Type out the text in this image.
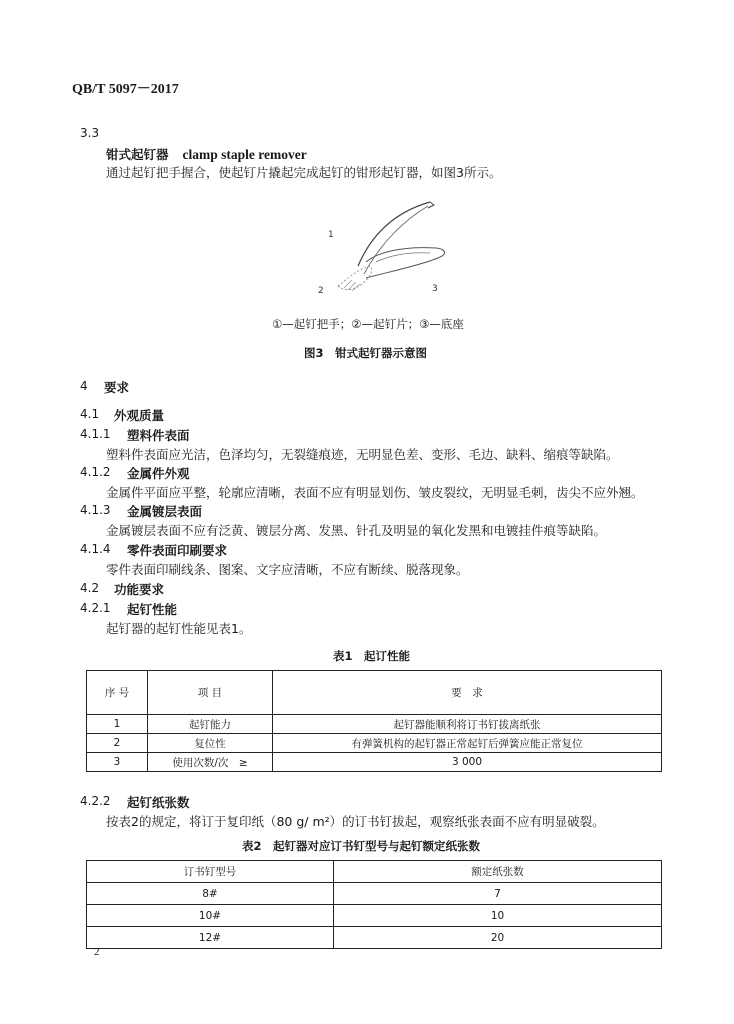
QB/T 5097－2017
3.3
钳式起钉器 clamp staple remover
通过起钉把手握合，使起钉片撬起完成起钉的钳形起钉器，如图3所示。
1
2	3
①—起钉把手；②—起钉片；③—底座
图3　钳式起钉器示意图
4 要求
4.1 外观质量
4.1.1 塑料件表面
塑料件表面应光洁，色泽均匀，无裂缝痕迹，无明显色差、变形、毛边、缺料、缩痕等缺陷。
4.1.2 金属件外观
金属件平面应平整，轮廓应清晰，表面不应有明显划伤、皱皮裂纹，无明显毛刺，齿尖不应外翘。
4.1.3 金属镀层表面
金属镀层表面不应有泛黄、镀层分离、发黑、针孔及明显的氧化发黑和电镀挂件痕等缺陷。
4.1.4 零件表面印刷要求
零件表面印刷线条、图案、文字应清晰，不应有断续、脱落现象。
4.2 功能要求
4.2.1 起钉性能
起钉器的起钉性能见表1。
表1　起订性能
序 号	项 目	要　求
1	起钉能力	起钉器能顺利将订书钉拔离纸张
2	复位性	有弹簧机构的起钉器正常起钉后弹簧应能正常复位
3	使用次数/次　≥	3 000
4.2.2 起钉纸张数
按表2的规定，将订于复印纸（80 g/ m²）的订书钉拔起，观察纸张表面不应有明显破裂。
表2　起钉器对应订书钉型号与起钉额定纸张数
订书钉型号	额定纸张数
8#	7
10#	10
12#	20
2
